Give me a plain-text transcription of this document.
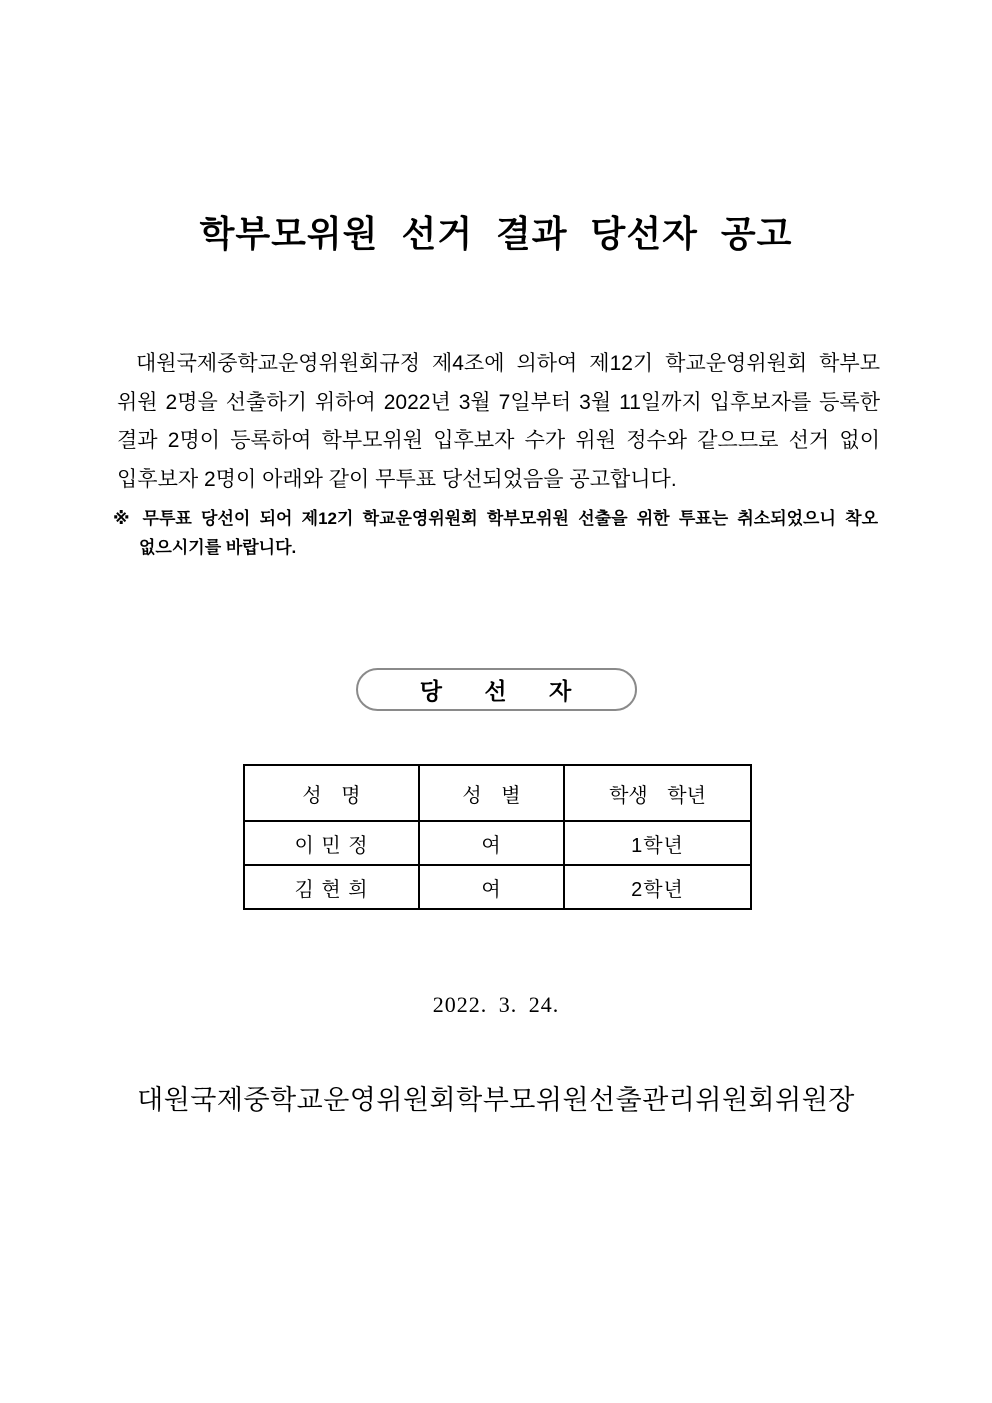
학부모위원 선거 결과 당선자 공고
대원국제중학교운영위원회규정 제4조에 의하여 제12기 학교운영위원회 학부모
위원 2명을 선출하기 위하여 2022년 3월 7일부터 3월 11일까지 입후보자를 등록한
결과 2명이 등록하여 학부모위원 입후보자 수가 위원 정수와 같으므로 선거 없이
입후보자 2명이 아래와 같이 무투표 당선되었음을 공고합니다.
※ 무투표 당선이 되어 제12기 학교운영위원회 학부모위원 선출을 위한 투표는 취소되었으니 착오
없으시기를 바랍니다.
당 선 자
성 명	성 별	학생 학년
이 민 정	여	1학년
김 현 희	여	2학년
2022. 3. 24.
대원국제중학교운영위원회학부모위원선출관리위원회위원장
